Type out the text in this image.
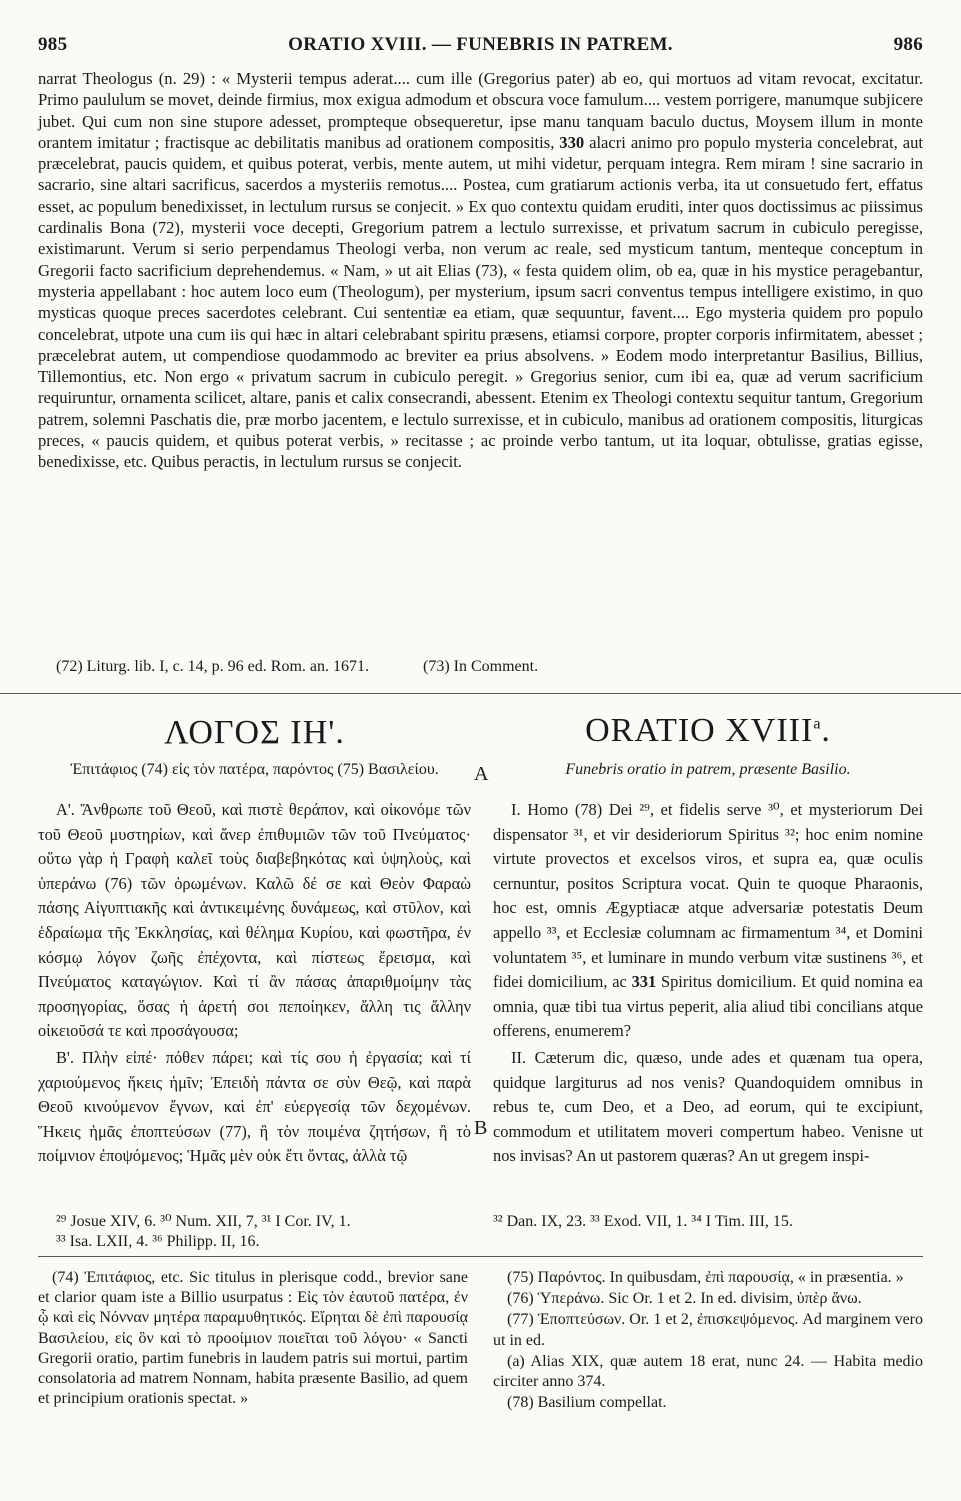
985	ORATIO XVIII. — FUNEBRIS IN PATREM.	986

narrat Theologus (n. 29) : « Mysterii tempus aderat.... cum ille (Gregorius pater) ab eo, qui mortuos ad vitam revocat, excitatur. Primo paululum se movet, deinde firmius, mox exigua admodum et obscura voce famulum.... vestem porrigere, manumque subjicere jubet. Qui cum non sine stupore adesset, prompteque obsequeretur, ipse manu tanquam baculo ductus, Moysem illum in monte orantem imitatur ; fractisque ac debilitatis manibus ad orationem compositis, 330 alacri animo pro populo mysteria concelebrat, aut præcelebrat, paucis quidem, et quibus poterat, verbis, mente autem, ut mihi videtur, perquam integra. Rem miram ! sine sacrario in sacrario, sine altari sacrificus, sacerdos a mysteriis remotus.... Postea, cum gratiarum actionis verba, ita ut consuetudo fert, effatus esset, ac populum benedixisset, in lectulum rursus se conjecit. » Ex quo contextu quidam eruditi, inter quos doctissimus ac piissimus cardinalis Bona (72), mysterii voce decepti, Gregorium patrem a lectulo surrexisse, et privatum sacrum in cubiculo peregisse, existimarunt. Verum si serio perpendamus Theologi verba, non verum ac reale, sed mysticum tantum, menteque conceptum in Gregorii facto sacrificium deprehendemus. « Nam, » ut ait Elias (73), « festa quidem olim, ob ea, quæ in his mystice peragebantur, mysteria appellabant : hoc autem loco eum (Theologum), per mysterium, ipsum sacri conventus tempus intelligere existimo, in quo mysticas quoque preces sacerdotes celebrant. Cui sententiæ ea etiam, quæ sequuntur, favent.... Ego mysteria quidem pro populo concelebrat, utpote una cum iis qui hæc in altari celebrabant spiritu præsens, etiamsi corpore, propter corporis infirmitatem, abesset ; præcelebrat autem, ut compendiose quodammodo ac breviter ea prius absolvens. » Eodem modo interpretantur Basilius, Billius, Tillemontius, etc. Non ergo « privatum sacrum in cubiculo peregit. » Gregorius senior, cum ibi ea, quæ ad verum sacrificium requiruntur, ornamenta scilicet, altare, panis et calix consecrandi, abessent. Etenim ex Theologi contextu sequitur tantum, Gregorium patrem, solemni Paschatis die, præ morbo jacentem, e lectulo surrexisse, et in cubiculo, manibus ad orationem compositis, liturgicas preces, « paucis quidem, et quibus poterat verbis, » recitasse ; ac proinde verbo tantum, ut ita loquar, obtulisse, gratias egisse, benedixisse, etc. Quibus peractis, in lectulum rursus se conjecit.

(72) Liturg. lib. I, c. 14, p. 96 ed. Rom. an. 1671.	(73) In Comment.
ΛΟΓΟΣ ΙΗ'.
Ἐπιτάφιος (74) εἰς τὸν πατέρα, παρόντος (75) Βασιλείου.

Α'. Ἄνθρωπε τοῦ Θεοῦ, καὶ πιστὲ θεράπον, καὶ οἰκονόμε τῶν τοῦ Θεοῦ μυστηρίων, καὶ ἄνερ ἐπιθυμιῶν τῶν τοῦ Πνεύματος· οὕτω γὰρ ἡ Γραφὴ καλεῖ τοὺς διαβεβηκότας καὶ ὑψηλοὺς, καὶ ὑπεράνω (76) τῶν ὁρωμένων. Καλῶ δέ σε καὶ Θεὸν Φαραὼ πάσης Αἰγυπτιακῆς καὶ ἀντικειμένης δυνάμεως, καὶ στῦλον, καὶ ἑδραίωμα τῆς Ἐκκλησίας, καὶ θέλημα Κυρίου, καὶ φωστῆρα, ἐν κόσμῳ λόγον ζωῆς ἐπέχοντα, καὶ πίστεως ἔρεισμα, καὶ Πνεύματος καταγώγιον. Καὶ τί ἂν πάσας ἀπαριθμοίμην τὰς προσηγορίας, ὅσας ἡ ἀρετή σοι πεποίηκεν, ἄλλη τις ἄλλην οἰκειοῦσά τε καὶ προσάγουσα;

Β'. Πλὴν εἰπέ· πόθεν πάρει; καὶ τίς σου ἡ ἐργασία; καὶ τί χαριούμενος ἥκεις ἡμῖν; Ἐπειδὴ πάντα σε σὺν Θεῷ, καὶ παρὰ Θεοῦ κινούμενον ἔγνων, καὶ ἐπ' εὐεργεσίᾳ τῶν δεχομένων. Ἥκεις ἡμᾶς ἐποπτεύσων (77), ἢ τὸν ποιμένα ζητήσων, ἢ τὸ ποίμνιον ἐποψόμενος; Ἡμᾶς μὲν οὐκ ἔτι ὄντας, ἀλλὰ τῷ

A
B
ORATIO XVIII$^a$.
Funebris oratio in patrem, præsente Basilio.

I. Homo (78) Dei ²⁹, et fidelis serve ³⁰, et mysteriorum Dei dispensator ³¹, et vir desideriorum Spiritus ³²; hoc enim nomine virtute provectos et excelsos viros, et supra ea, quæ oculis cernuntur, positos Scriptura vocat. Quin te quoque Pharaonis, hoc est, omnis Ægyptiacæ atque adversariæ potestatis Deum appello ³³, et Ecclesiæ columnam ac firmamentum ³⁴, et Domini voluntatem ³⁵, et luminare in mundo verbum vitæ sustinens ³⁶, et fidei domicilium, ac 331 Spiritus domicilium. Et quid nomina ea omnia, quæ tibi tua virtus peperit, alia aliud tibi concilians atque offerens, enumerem?

II. Cæterum dic, quæso, unde ades et quænam tua opera, quidque largiturus ad nos venis? Quandoquidem omnibus in rebus te, cum Deo, et a Deo, ad eorum, qui te excipiunt, commodum et utilitatem moveri compertum habeo. Venisne ut nos invisas? An ut pastorem quæras? An ut gregem inspi-

²⁹ Josue XIV, 6. ³⁰ Num. XII, 7, ³¹ I Cor. IV, 1.
³³ Isa. LXII, 4. ³⁶ Philipp. II, 16.
³² Dan. IX, 23. ³³ Exod. VII, 1. ³⁴ I Tim. III, 15.

(74) Ἐπιτάφιος, etc. Sic titulus in plerisque codd., brevior sane et clarior quam iste a Billio usurpatus : Εἰς τὸν ἑαυτοῦ πατέρα, ἐν ᾧ καὶ εἰς Νόνναν μητέρα παραμυθητικός. Εἴρηται δὲ ἐπὶ παρουσίᾳ Βασιλείου, εἰς ὃν καὶ τὸ προοίμιον ποιεῖται τοῦ λόγου· « Sancti Gregorii oratio, partim funebris in laudem patris sui mortui, partim consolatoria ad matrem Nonnam, habita præsente Basilio, ad quem et principium orationis spectat. »

(75) Παρόντος. In quibusdam, ἐπὶ παρουσίᾳ, « in præsentia. »

(76) Ὑπεράνω. Sic Or. 1 et 2. In ed. divisim, ὑπὲρ ἄνω.

(77) Ἐποπτεύσων. Or. 1 et 2, ἐπισκεψόμενος. Ad marginem vero ut in ed.

(a) Alias XIX, quæ autem 18 erat, nunc 24. — Habita medio circiter anno 374.

(78) Basilium compellat.
